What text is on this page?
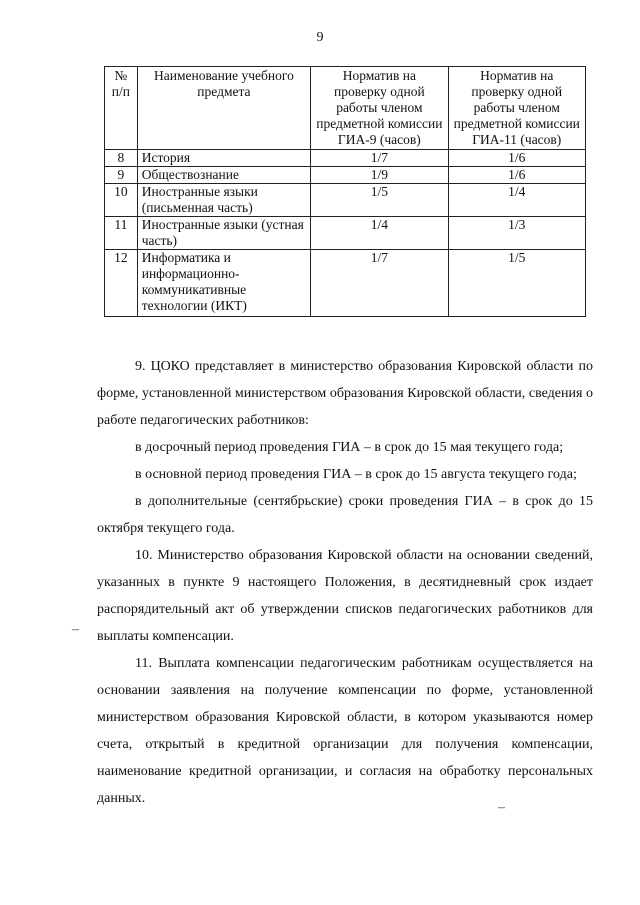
9
№ п/п	Наименование учебного предмета	Норматив на проверку одной работы членом предметной комиссии ГИА-9 (часов)	Норматив на проверку одной работы членом предметной комиссии ГИА-11 (часов)
8	История	1/7	1/6
9	Обществознание	1/9	1/6
10	Иностранные языки (письменная часть)	1/5	1/4
11	Иностранные языки (устная часть)	1/4	1/3
12	Информатика и информационно-коммуникативные технологии (ИКТ)	1/7	1/5

9. ЦОКО представляет в министерство образования Кировской области по форме, установленной министерством образования Кировской области, сведения о работе педагогических работников:

в досрочный период проведения ГИА – в срок до 15 мая текущего года;

в основной период проведения ГИА – в срок до 15 августа текущего года;

в дополнительные (сентябрьские) сроки проведения ГИА – в срок до 15 октября текущего года.

10. Министерство образования Кировской области на основании сведений, указанных в пункте 9 настоящего Положения, в десятидневный срок издает распорядительный акт об утверждении списков педагогических работников для выплаты компенсации.

11. Выплата компенсации педагогическим работникам осуществляется на основании заявления на получение компенсации по форме, установленной министерством образования Кировской области, в котором указываются номер счета, открытый в кредитной организации для получения компенсации, наименование кредитной организации, и согласия на обработку персональных данных.

–
–
